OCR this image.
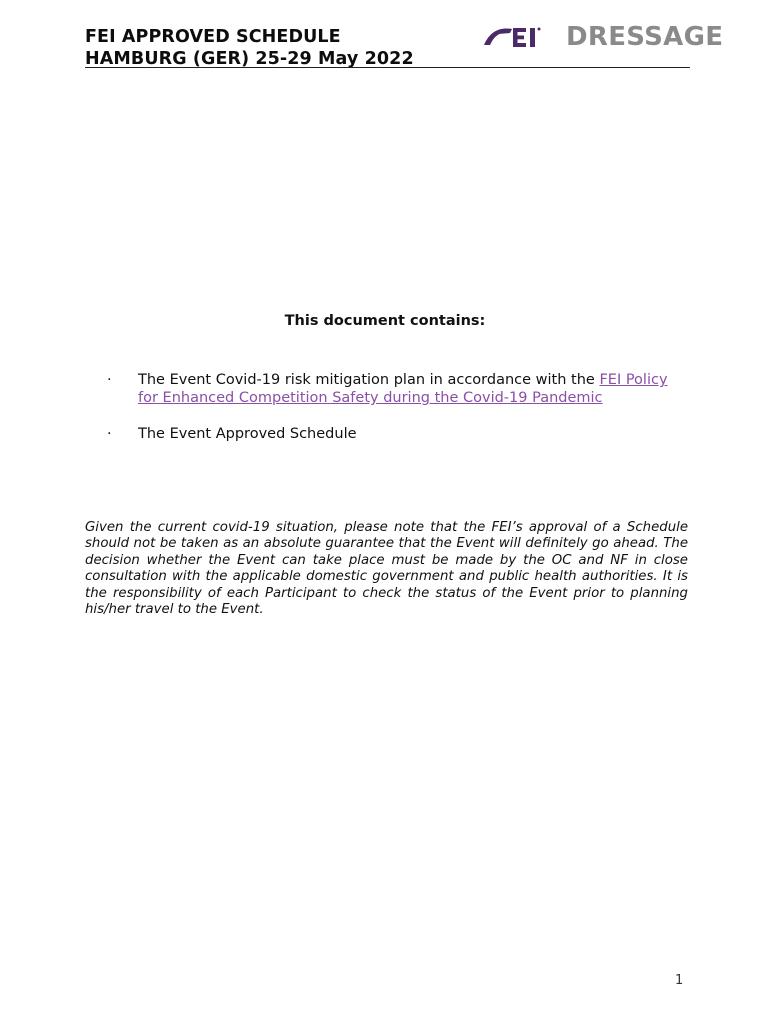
FEI APPROVED SCHEDULE
HAMBURG (GER) 25-29 May 2022
DRESSAGE
This document contains:
·	The Event Covid-19 risk mitigation plan in accordance with the FEI Policy for Enhanced Competition Safety during the Covid-19 Pandemic
·	The Event Approved Schedule
Given the current covid-19 situation, please note that the FEI’s approval of a Schedule should not be taken as an absolute guarantee that the Event will definitely go ahead. The decision whether the Event can take place must be made by the OC and NF in close consultation with the applicable domestic government and public health authorities. It is the responsibility of each Participant to check the status of the Event prior to planning his/her travel to the Event.
1
